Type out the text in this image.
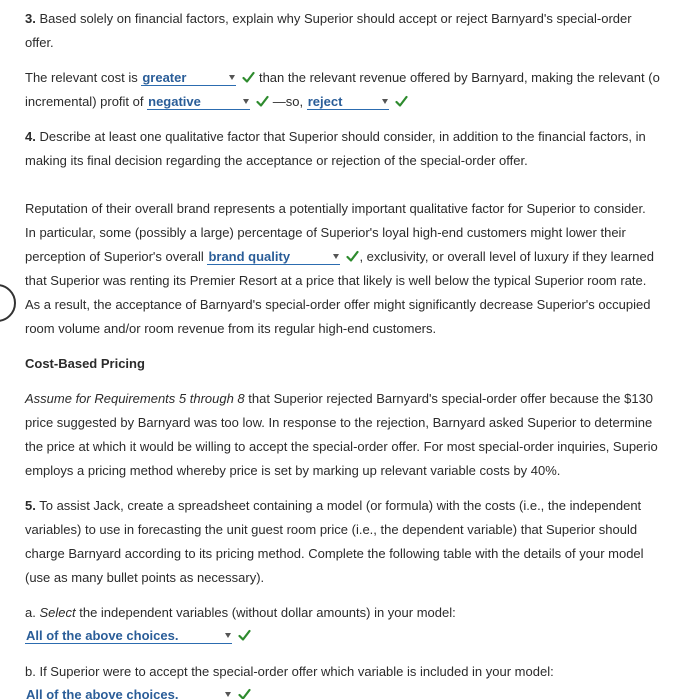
3. Based solely on financial factors, explain why Superior should accept or reject Barnyard's special-order
offer.
The relevant cost is greater	than the relevant revenue offered by Barnyard, making the relevant (o
incremental) profit of negative	—so, reject
4. Describe at least one qualitative factor that Superior should consider, in addition to the financial factors, in
making its final decision regarding the acceptance or rejection of the special-order offer.
Reputation of their overall brand represents a potentially important qualitative factor for Superior to consider.
In particular, some (possibly a large) percentage of Superior's loyal high-end customers might lower their
perception of Superior's overall brand quality	, exclusivity, or overall level of luxury if they learned
that Superior was renting its Premier Resort at a price that likely is well below the typical Superior room rate.
As a result, the acceptance of Barnyard's special-order offer might significantly decrease Superior's occupied
room volume and/or room revenue from its regular high-end customers.
Cost-Based Pricing
Assume for Requirements 5 through 8 that Superior rejected Barnyard's special-order offer because the $130
price suggested by Barnyard was too low. In response to the rejection, Barnyard asked Superior to determine
the price at which it would be willing to accept the special-order offer. For most special-order inquiries, Superio
employs a pricing method whereby price is set by marking up relevant variable costs by 40%.
5. To assist Jack, create a spreadsheet containing a model (or formula) with the costs (i.e., the independent
variables) to use in forecasting the unit guest room price (i.e., the dependent variable) that Superior should
charge Barnyard according to its pricing method. Complete the following table with the details of your model
(use as many bullet points as necessary).
a. Select the independent variables (without dollar amounts) in your model:
All of the above choices.
b. If Superior were to accept the special-order offer which variable is included in your model:
All of the above choices.
